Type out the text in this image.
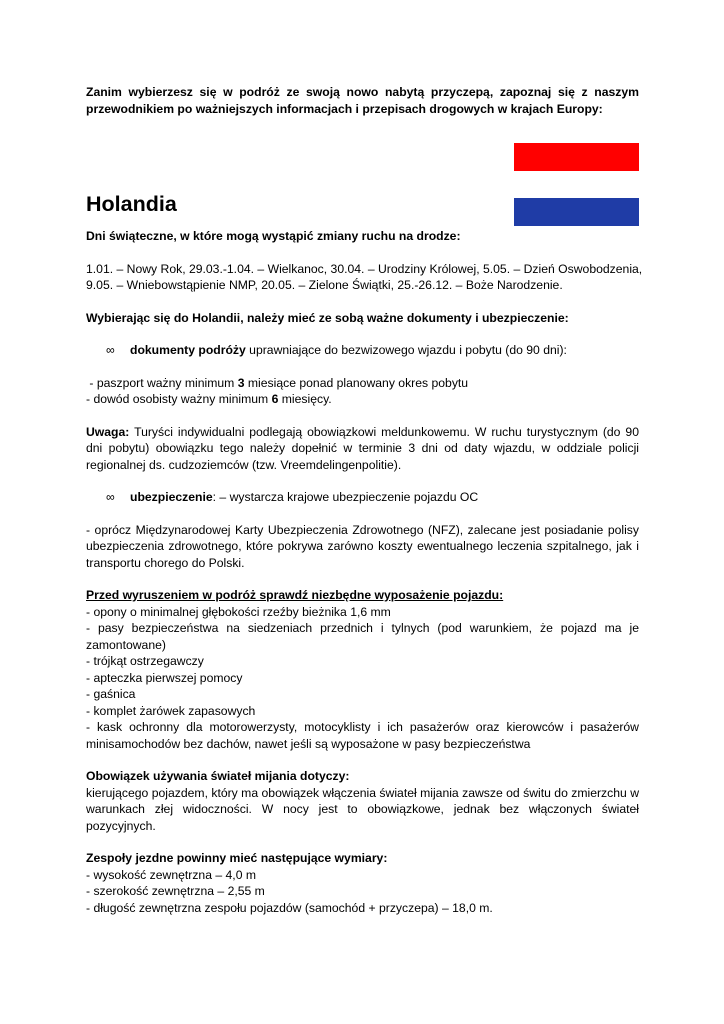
Zanim wybierzesz się w podróż ze swoją nowo nabytą przyczepą, zapoznaj się z naszym

przewodnikiem po ważniejszych informacjach i przepisach drogowych w krajach Europy:

Holandia

Dni świąteczne, w które mogą wystąpić zmiany ruchu na drodze:

1.01. – Nowy Rok, 29.03.-1.04. – Wielkanoc, 30.04. – Urodziny Królowej, 5.05. – Dzień Oswobodzenia,

9.05. – Wniebowstąpienie NMP, 20.05. – Zielone Świątki, 25.-26.12. – Boże Narodzenie.

Wybierając się do Holandii, należy mieć ze sobą ważne dokumenty i ubezpieczenie:

∞ dokumenty podróży uprawniające do bezwizowego wjazdu i pobytu (do 90 dni):

- paszport ważny minimum 3 miesiące ponad planowany okres pobytu

- dowód osobisty ważny minimum 6 miesięcy.

Uwaga: Turyści indywidualni podlegają obowiązkowi meldunkowemu. W ruchu turystycznym (do 90 dni pobytu) obowiązku tego należy dopełnić w terminie 3 dni od daty wjazdu, w oddziale policji regionalnej ds. cudzoziemców (tzw. Vreemdelingenpolitie).

∞ ubezpieczenie: – wystarcza krajowe ubezpieczenie pojazdu OC

- oprócz Międzynarodowej Karty Ubezpieczenia Zdrowotnego (NFZ), zalecane jest posiadanie polisy ubezpieczenia zdrowotnego, które pokrywa zarówno koszty ewentualnego leczenia szpitalnego, jak i transportu chorego do Polski.

Przed wyruszeniem w podróż sprawdź niezbędne wyposażenie pojazdu:

- opony o minimalnej głębokości rzeźby bieżnika 1,6 mm

- pasy bezpieczeństwa na siedzeniach przednich i tylnych (pod warunkiem, że pojazd ma je zamontowane)

- trójkąt ostrzegawczy

- apteczka pierwszej pomocy

- gaśnica

- komplet żarówek zapasowych

- kask ochronny dla motorowerzysty, motocyklisty i ich pasażerów oraz kierowców i pasażerów minisamochodów bez dachów, nawet jeśli są wyposażone w pasy bezpieczeństwa

Obowiązek używania świateł mijania dotyczy:

kierującego pojazdem, który ma obowiązek włączenia świateł mijania zawsze od świtu do zmierzchu w warunkach złej widoczności. W nocy jest to obowiązkowe, jednak bez włączonych świateł pozycyjnych.

Zespoły jezdne powinny mieć następujące wymiary:

- wysokość zewnętrzna – 4,0 m

- szerokość zewnętrzna – 2,55 m

- długość zewnętrzna zespołu pojazdów (samochód + przyczepa) – 18,0 m.
